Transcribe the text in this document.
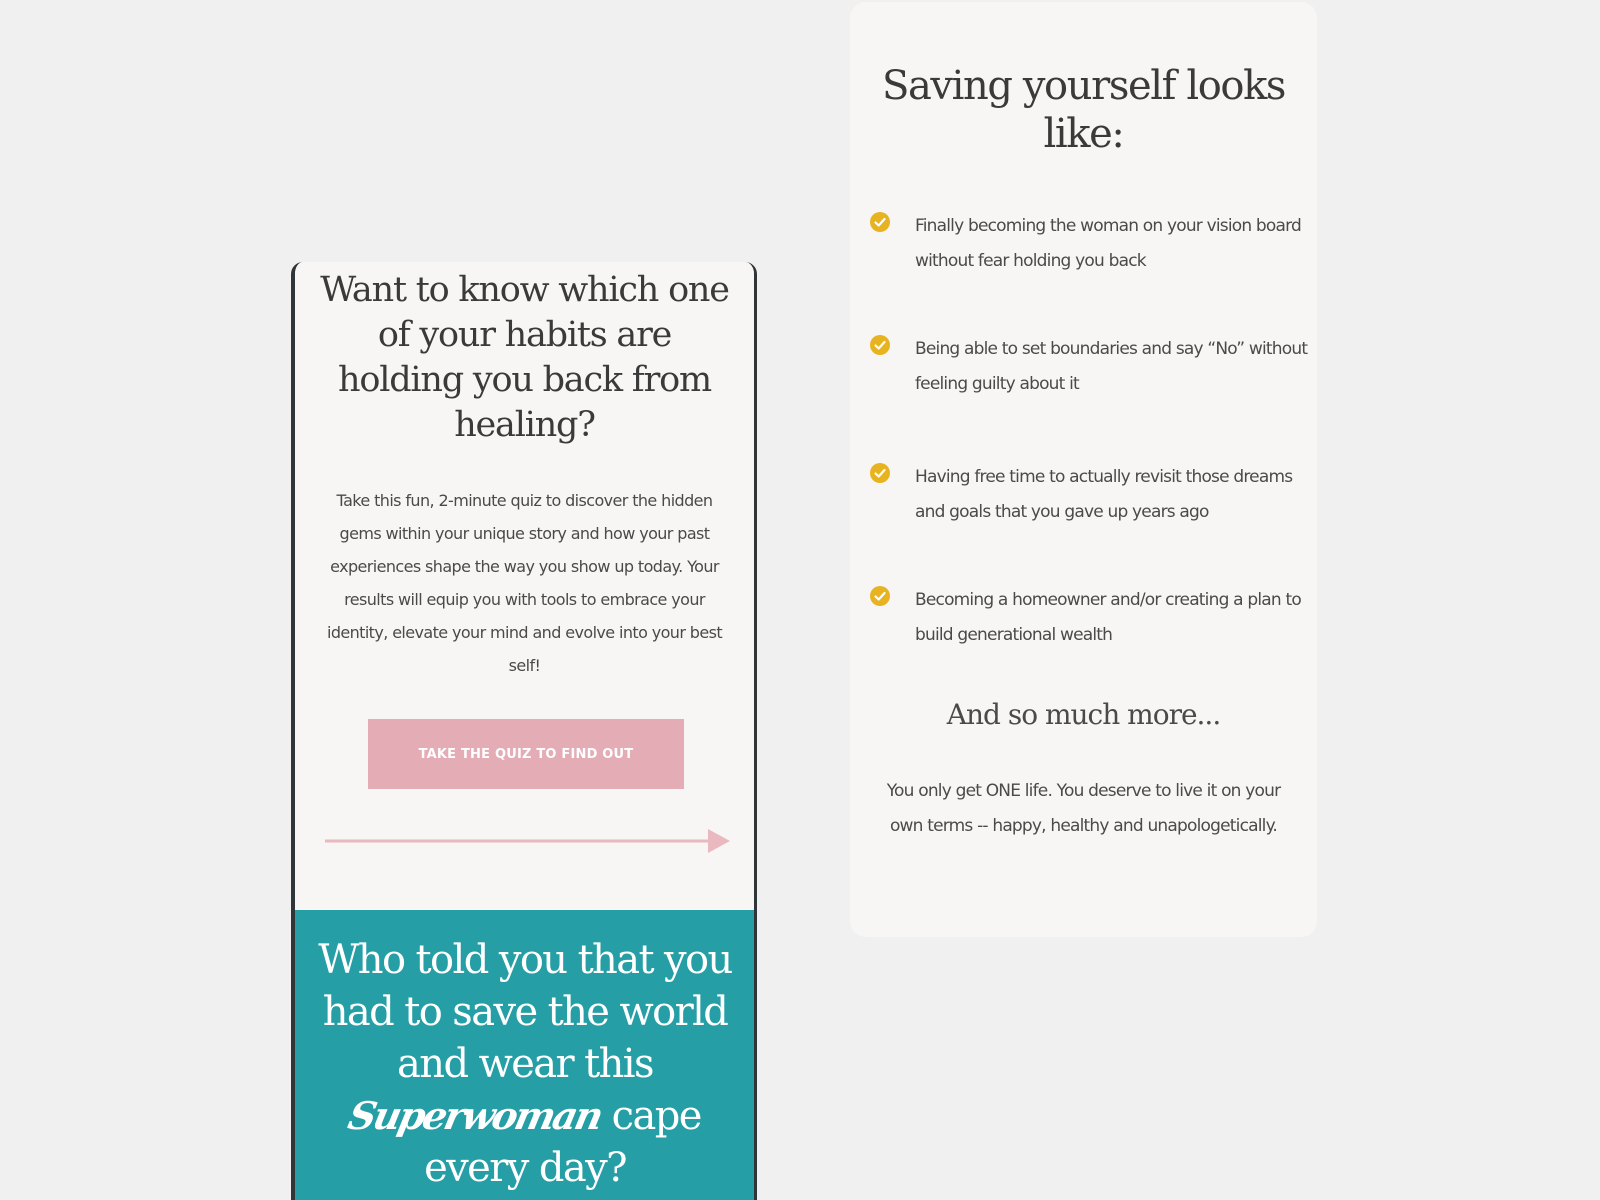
Want to know which one of your habits are holding you back from healing?

Take this fun, 2-minute quiz to discover the hidden gems within your unique story and how your past experiences shape the way you show up today. Your results will equip you with tools to embrace your identity, elevate your mind and evolve into your best self!

TAKE THE QUIZ TO FIND OUT
Who told you that you had to save the world and wear this Superwoman cape every day?
Saving yourself looks like:

Finally becoming the woman on your vision board without fear holding you back

Being able to set boundaries and say “No” without feeling guilty about it

Having free time to actually revisit those dreams and goals that you gave up years ago

Becoming a homeowner and/or creating a plan to build generational wealth

And so much more...

You only get ONE life. You deserve to live it on your own terms -- happy, healthy and unapologetically.
